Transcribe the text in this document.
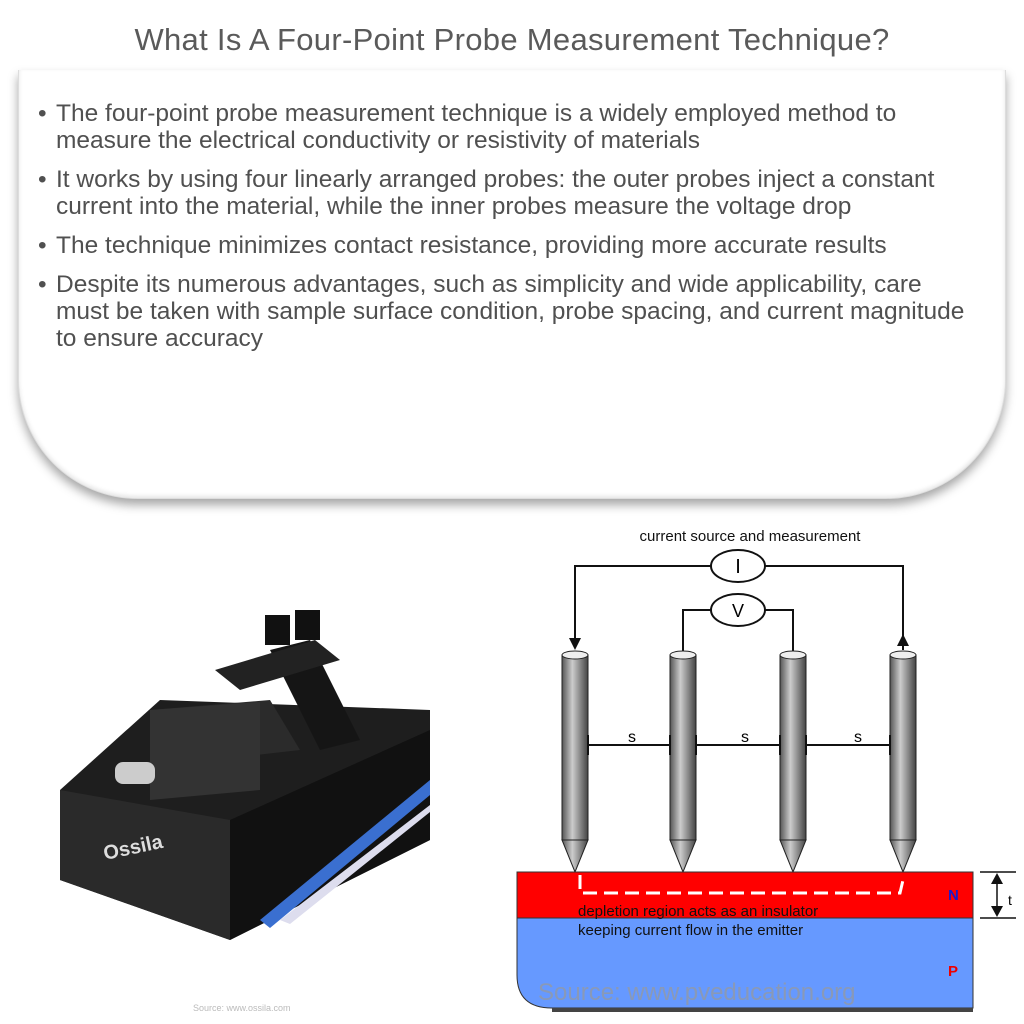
What Is A Four-Point Probe Measurement Technique?
• The four-point probe measurement technique is a widely employed method to measure the electrical conductivity or resistivity of materials
• It works by using four linearly arranged probes: the outer probes inject a constant current into the material, while the inner probes measure the voltage drop
• The technique minimizes contact resistance, providing more accurate results
• Despite its numerous advantages, such as simplicity and wide applicability, care must be taken with sample surface condition, probe spacing, and current magnitude to ensure accuracy
Ossila
Source: www.ossila.com
current source and measurement
I
V
s	s	s
depletion region acts as an insulator
keeping current flow in the emitter
N
P
t
Source: www.pveducation.org
